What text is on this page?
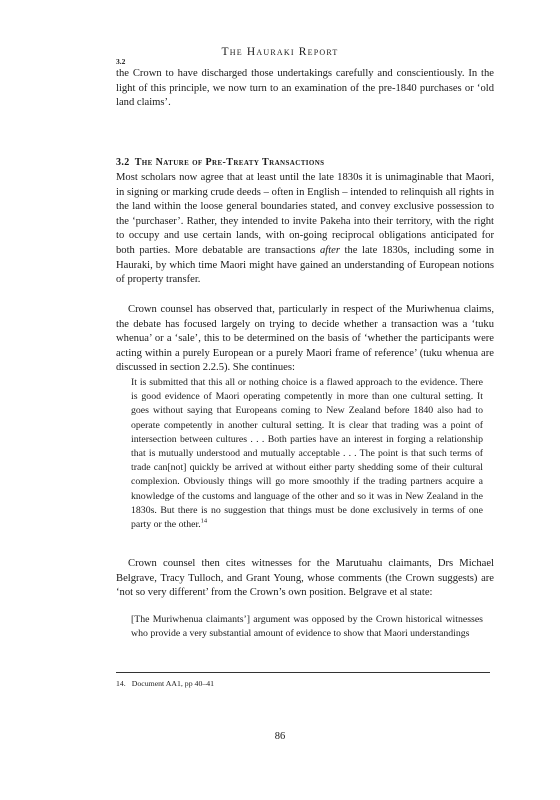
The Hauraki Report
3.2

the Crown to have discharged those undertakings carefully and conscientiously. In the light of this principle, we now turn to an examination of the pre-1840 purchases or ‘old land claims’.

3.2 The Nature of Pre-Treaty Transactions

Most scholars now agree that at least until the late 1830s it is unimaginable that Maori, in signing or marking crude deeds – often in English – intended to relinquish all rights in the land within the loose general boundaries stated, and convey exclusive possession to the ‘purchaser’. Rather, they intended to invite Pakeha into their territory, with the right to occupy and use certain lands, with on-going reciprocal obligations anticipated for both parties. More debatable are transactions after the late 1830s, including some in Hauraki, by which time Maori might have gained an understanding of European notions of property transfer.

Crown counsel has observed that, particularly in respect of the Muriwhenua claims, the debate has focused largely on trying to decide whether a transaction was a ‘tuku whenua’ or a ‘sale’, this to be determined on the basis of ‘whether the participants were acting within a purely European or a purely Maori frame of reference’ (tuku whenua are discussed in section 2.2.5). She continues:

It is submitted that this all or nothing choice is a flawed approach to the evidence. There is good evidence of Maori operating competently in more than one cultural setting. It goes without saying that Europeans coming to New Zealand before 1840 also had to operate competently in another cultural setting. It is clear that trading was a point of intersection between cultures . . . Both parties have an interest in forging a relationship that is mutually understood and mutually acceptable . . . The point is that such terms of trade can[not] quickly be arrived at without either party shedding some of their cultural complexion. Obviously things will go more smoothly if the trading partners acquire a knowledge of the customs and language of the other and so it was in New Zealand in the 1830s. But there is no suggestion that things must be done exclusively in terms of one party or the other.$^{14}$

Crown counsel then cites witnesses for the Marutuahu claimants, Drs Michael Belgrave, Tracy Tulloch, and Grant Young, whose comments (the Crown suggests) are ‘not so very different’ from the Crown’s own position. Belgrave et al state:

[The Muriwhenua claimants’] argument was opposed by the Crown historical witnesses who provide a very substantial amount of evidence to show that Maori understandings

14. Document AA1, pp 40–41
86
